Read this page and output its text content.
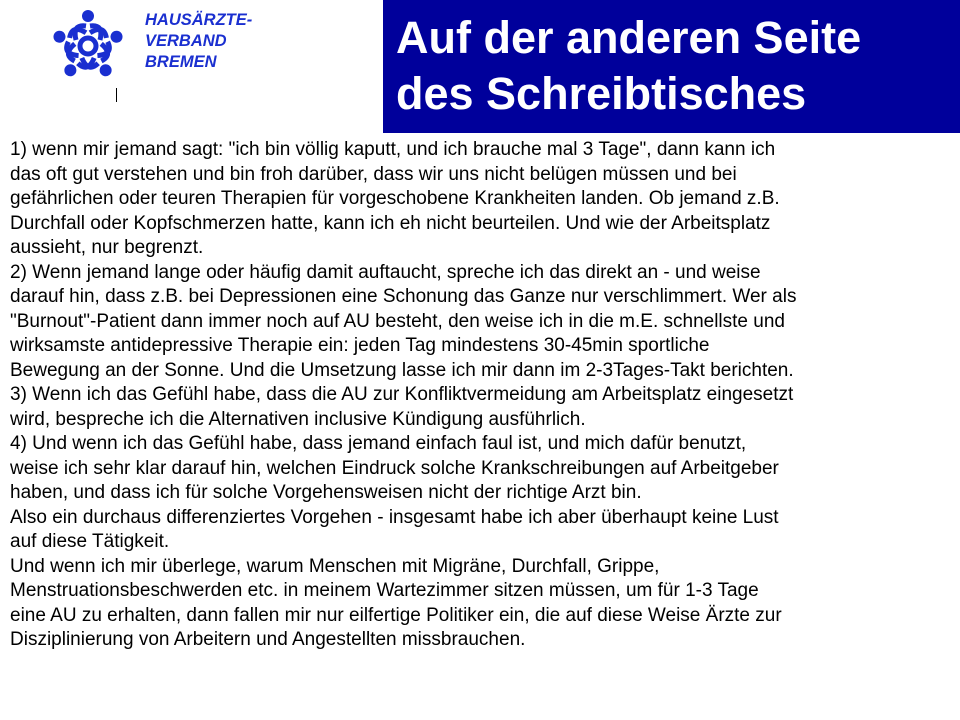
HAUSÄRZTE-
VERBAND
BREMEN	Auf der anderen Seite
des Schreibtisches
1) wenn mir jemand sagt: "ich bin völlig kaputt, und ich brauche mal 3 Tage", dann kann ich
das oft gut verstehen und bin froh darüber, dass wir uns nicht belügen müssen und bei
gefährlichen oder teuren Therapien für vorgeschobene Krankheiten landen. Ob jemand z.B.
Durchfall oder Kopfschmerzen hatte, kann ich eh nicht beurteilen. Und wie der Arbeitsplatz
aussieht, nur begrenzt.
2) Wenn jemand lange oder häufig damit auftaucht, spreche ich das direkt an - und weise
darauf hin, dass z.B. bei Depressionen eine Schonung das Ganze nur verschlimmert. Wer als
"Burnout"-Patient dann immer noch auf AU besteht, den weise ich in die m.E. schnellste und
wirksamste antidepressive Therapie ein: jeden Tag mindestens 30-45min sportliche
Bewegung an der Sonne. Und die Umsetzung lasse ich mir dann im 2-3Tages-Takt berichten.
3) Wenn ich das Gefühl habe, dass die AU zur Konfliktvermeidung am Arbeitsplatz eingesetzt
wird, bespreche ich die Alternativen inclusive Kündigung ausführlich.
4) Und wenn ich das Gefühl habe, dass jemand einfach faul ist, und mich dafür benutzt,
weise ich sehr klar darauf hin, welchen Eindruck solche Krankschreibungen auf Arbeitgeber
haben, und dass ich für solche Vorgehensweisen nicht der richtige Arzt bin.
Also ein durchaus differenziertes Vorgehen - insgesamt habe ich aber überhaupt keine Lust
auf diese Tätigkeit.
Und wenn ich mir überlege, warum Menschen mit Migräne, Durchfall, Grippe,
Menstruationsbeschwerden etc. in meinem Wartezimmer sitzen müssen, um für 1-3 Tage
eine AU zu erhalten, dann fallen mir nur eilfertige Politiker ein, die auf diese Weise Ärzte zur
Disziplinierung von Arbeitern und Angestellten missbrauchen.
